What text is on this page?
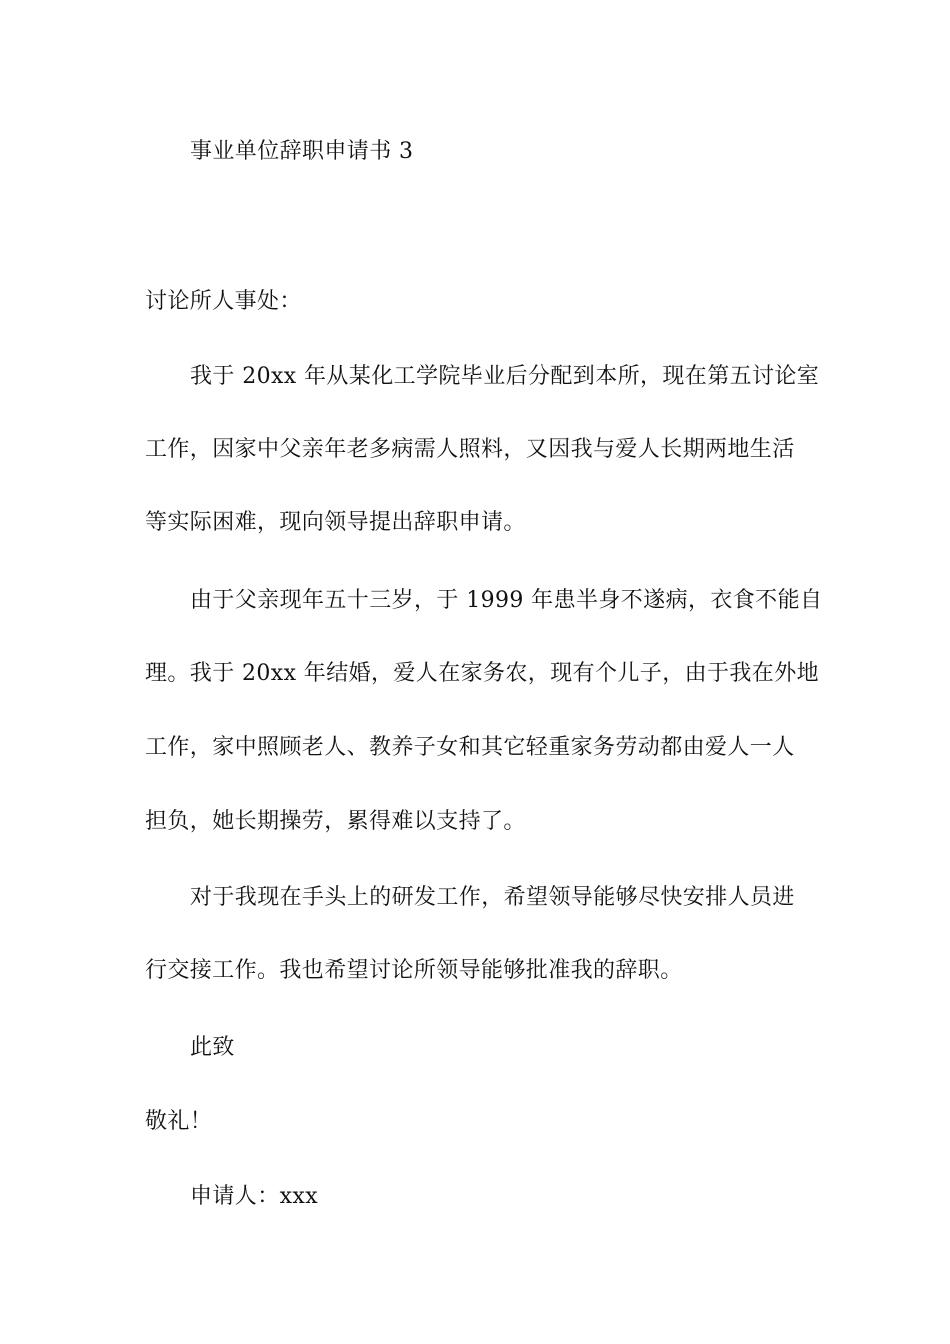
事业单位辞职申请书 3
讨论所人事处：
我于 20xx 年从某化工学院毕业后分配到本所，现在第五讨论室
工作，因家中父亲年老多病需人照料，又因我与爱人长期两地生活
等实际困难，现向领导提出辞职申请。
由于父亲现年五十三岁，于 1999 年患半身不遂病，衣食不能自
理。我于 20xx 年结婚，爱人在家务农，现有个儿子，由于我在外地
工作，家中照顾老人、教养子女和其它轻重家务劳动都由爱人一人
担负，她长期操劳，累得难以支持了。
对于我现在手头上的研发工作，希望领导能够尽快安排人员进
行交接工作。我也希望讨论所领导能够批准我的辞职。
此致
敬礼！
申请人：xxx
